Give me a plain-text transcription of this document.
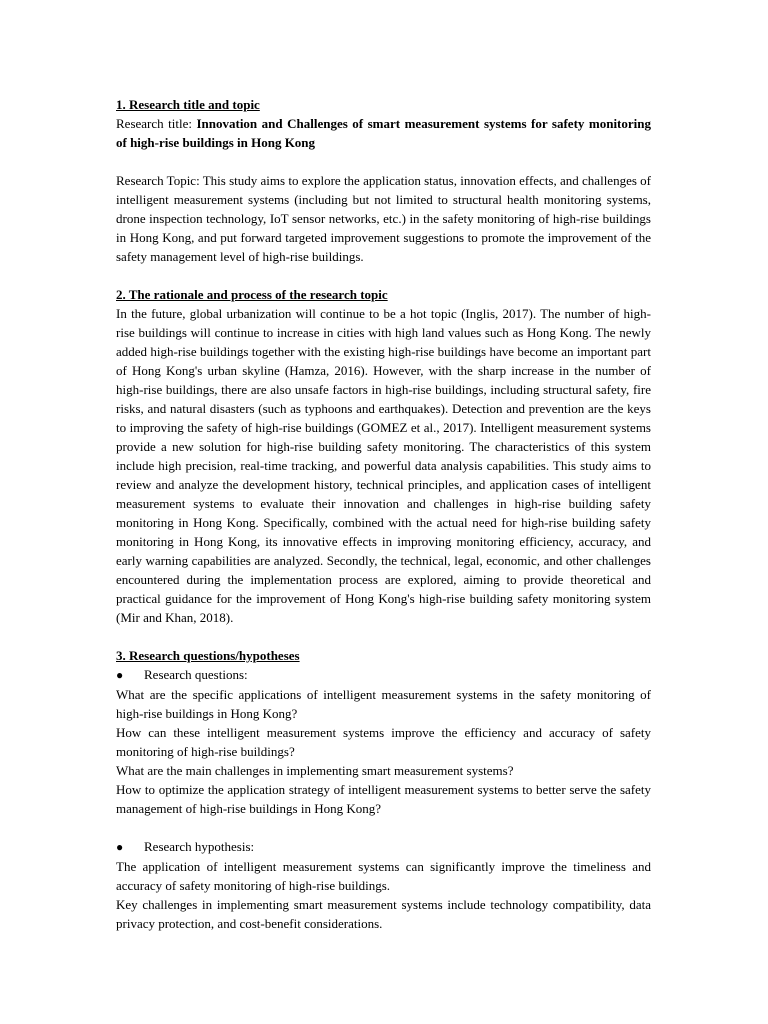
1. Research title and topic

Research title: Innovation and Challenges of smart measurement systems for safety monitoring of high-rise buildings in Hong Kong

Research Topic: This study aims to explore the application status, innovation effects, and challenges of intelligent measurement systems (including but not limited to structural health monitoring systems, drone inspection technology, IoT sensor networks, etc.) in the safety monitoring of high-rise buildings in Hong Kong, and put forward targeted improvement suggestions to promote the improvement of the safety management level of high-rise buildings.

2. The rationale and process of the research topic

In the future, global urbanization will continue to be a hot topic (Inglis, 2017). The number of high-rise buildings will continue to increase in cities with high land values such as Hong Kong. The newly added high-rise buildings together with the existing high-rise buildings have become an important part of Hong Kong's urban skyline (Hamza, 2016). However, with the sharp increase in the number of high-rise buildings, there are also unsafe factors in high-rise buildings, including structural safety, fire risks, and natural disasters (such as typhoons and earthquakes). Detection and prevention are the keys to improving the safety of high-rise buildings (GOMEZ et al., 2017). Intelligent measurement systems provide a new solution for high-rise building safety monitoring. The characteristics of this system include high precision, real-time tracking, and powerful data analysis capabilities. This study aims to review and analyze the development history, technical principles, and application cases of intelligent measurement systems to evaluate their innovation and challenges in high-rise building safety monitoring in Hong Kong. Specifically, combined with the actual need for high-rise building safety monitoring in Hong Kong, its innovative effects in improving monitoring efficiency, accuracy, and early warning capabilities are analyzed. Secondly, the technical, legal, economic, and other challenges encountered during the implementation process are explored, aiming to provide theoretical and practical guidance for the improvement of Hong Kong's high-rise building safety monitoring system (Mir and Khan, 2018).

3. Research questions/hypotheses

●	Research questions:

What are the specific applications of intelligent measurement systems in the safety monitoring of high-rise buildings in Hong Kong?

How can these intelligent measurement systems improve the efficiency and accuracy of safety monitoring of high-rise buildings?

What are the main challenges in implementing smart measurement systems?

How to optimize the application strategy of intelligent measurement systems to better serve the safety management of high-rise buildings in Hong Kong?

●	Research hypothesis:

The application of intelligent measurement systems can significantly improve the timeliness and accuracy of safety monitoring of high-rise buildings.

Key challenges in implementing smart measurement systems include technology compatibility, data privacy protection, and cost-benefit considerations.
